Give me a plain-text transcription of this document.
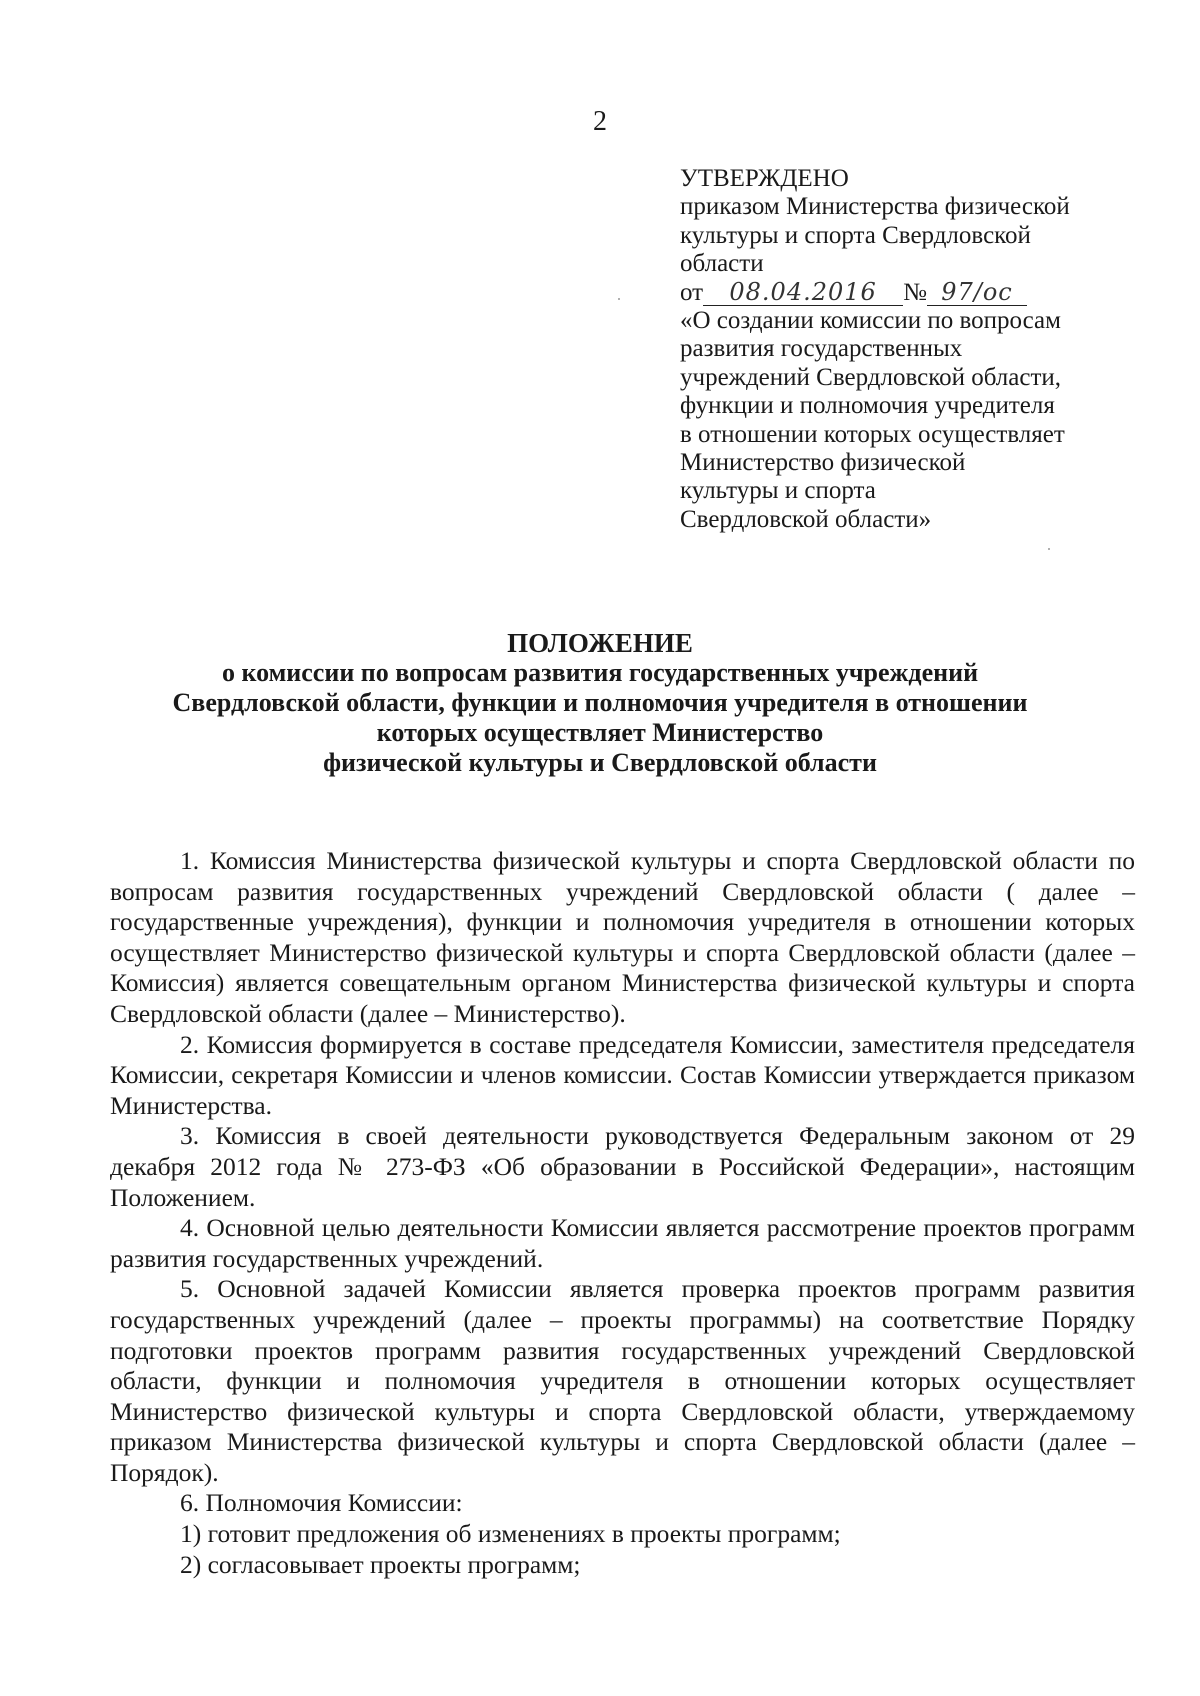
2
УТВЕРЖДЕНО
приказом Министерства физической
культуры и спорта Свердловской
области
от 08.04.2016 № 97/ос
«О создании комиссии по вопросам
развития государственных
учреждений Свердловской области,
функции и полномочия учредителя
в отношении которых осуществляет
Министерство физической
культуры и спорта
Свердловской области»
ПОЛОЖЕНИЕ
о комиссии по вопросам развития государственных учреждений
Свердловской области, функции и полномочия учредителя в отношении
которых осуществляет Министерство
физической культуры и Свердловской области

1. Комиссия Министерства физической культуры и спорта Свердловской области по вопросам развития государственных учреждений Свердловской области ( далее – государственные учреждения), функции и полномочия учредителя в отношении которых осуществляет Министерство физической культуры и спорта Свердловской области (далее – Комиссия) является совещательным органом Министерства физической культуры и спорта Свердловской области (далее – Министерство).

2. Комиссия формируется в составе председателя Комиссии, заместителя председателя Комиссии, секретаря Комиссии и членов комиссии. Состав Комиссии утверждается приказом Министерства.

3. Комиссия в своей деятельности руководствуется Федеральным законом от 29 декабря 2012 года № 273-ФЗ «Об образовании в Российской Федерации», настоящим Положением.

4. Основной целью деятельности Комиссии является рассмотрение проектов программ развития государственных учреждений.

5. Основной задачей Комиссии является проверка проектов программ развития государственных учреждений (далее – проекты программы) на соответствие Порядку подготовки проектов программ развития государственных учреждений Свердловской области, функции и полномочия учредителя в отношении которых осуществляет Министерство физической культуры и спорта Свердловской области, утверждаемому приказом Министерства физической культуры и спорта Свердловской области (далее – Порядок).

6. Полномочия Комиссии:

1) готовит предложения об изменениях в проекты программ;

2) согласовывает проекты программ;
